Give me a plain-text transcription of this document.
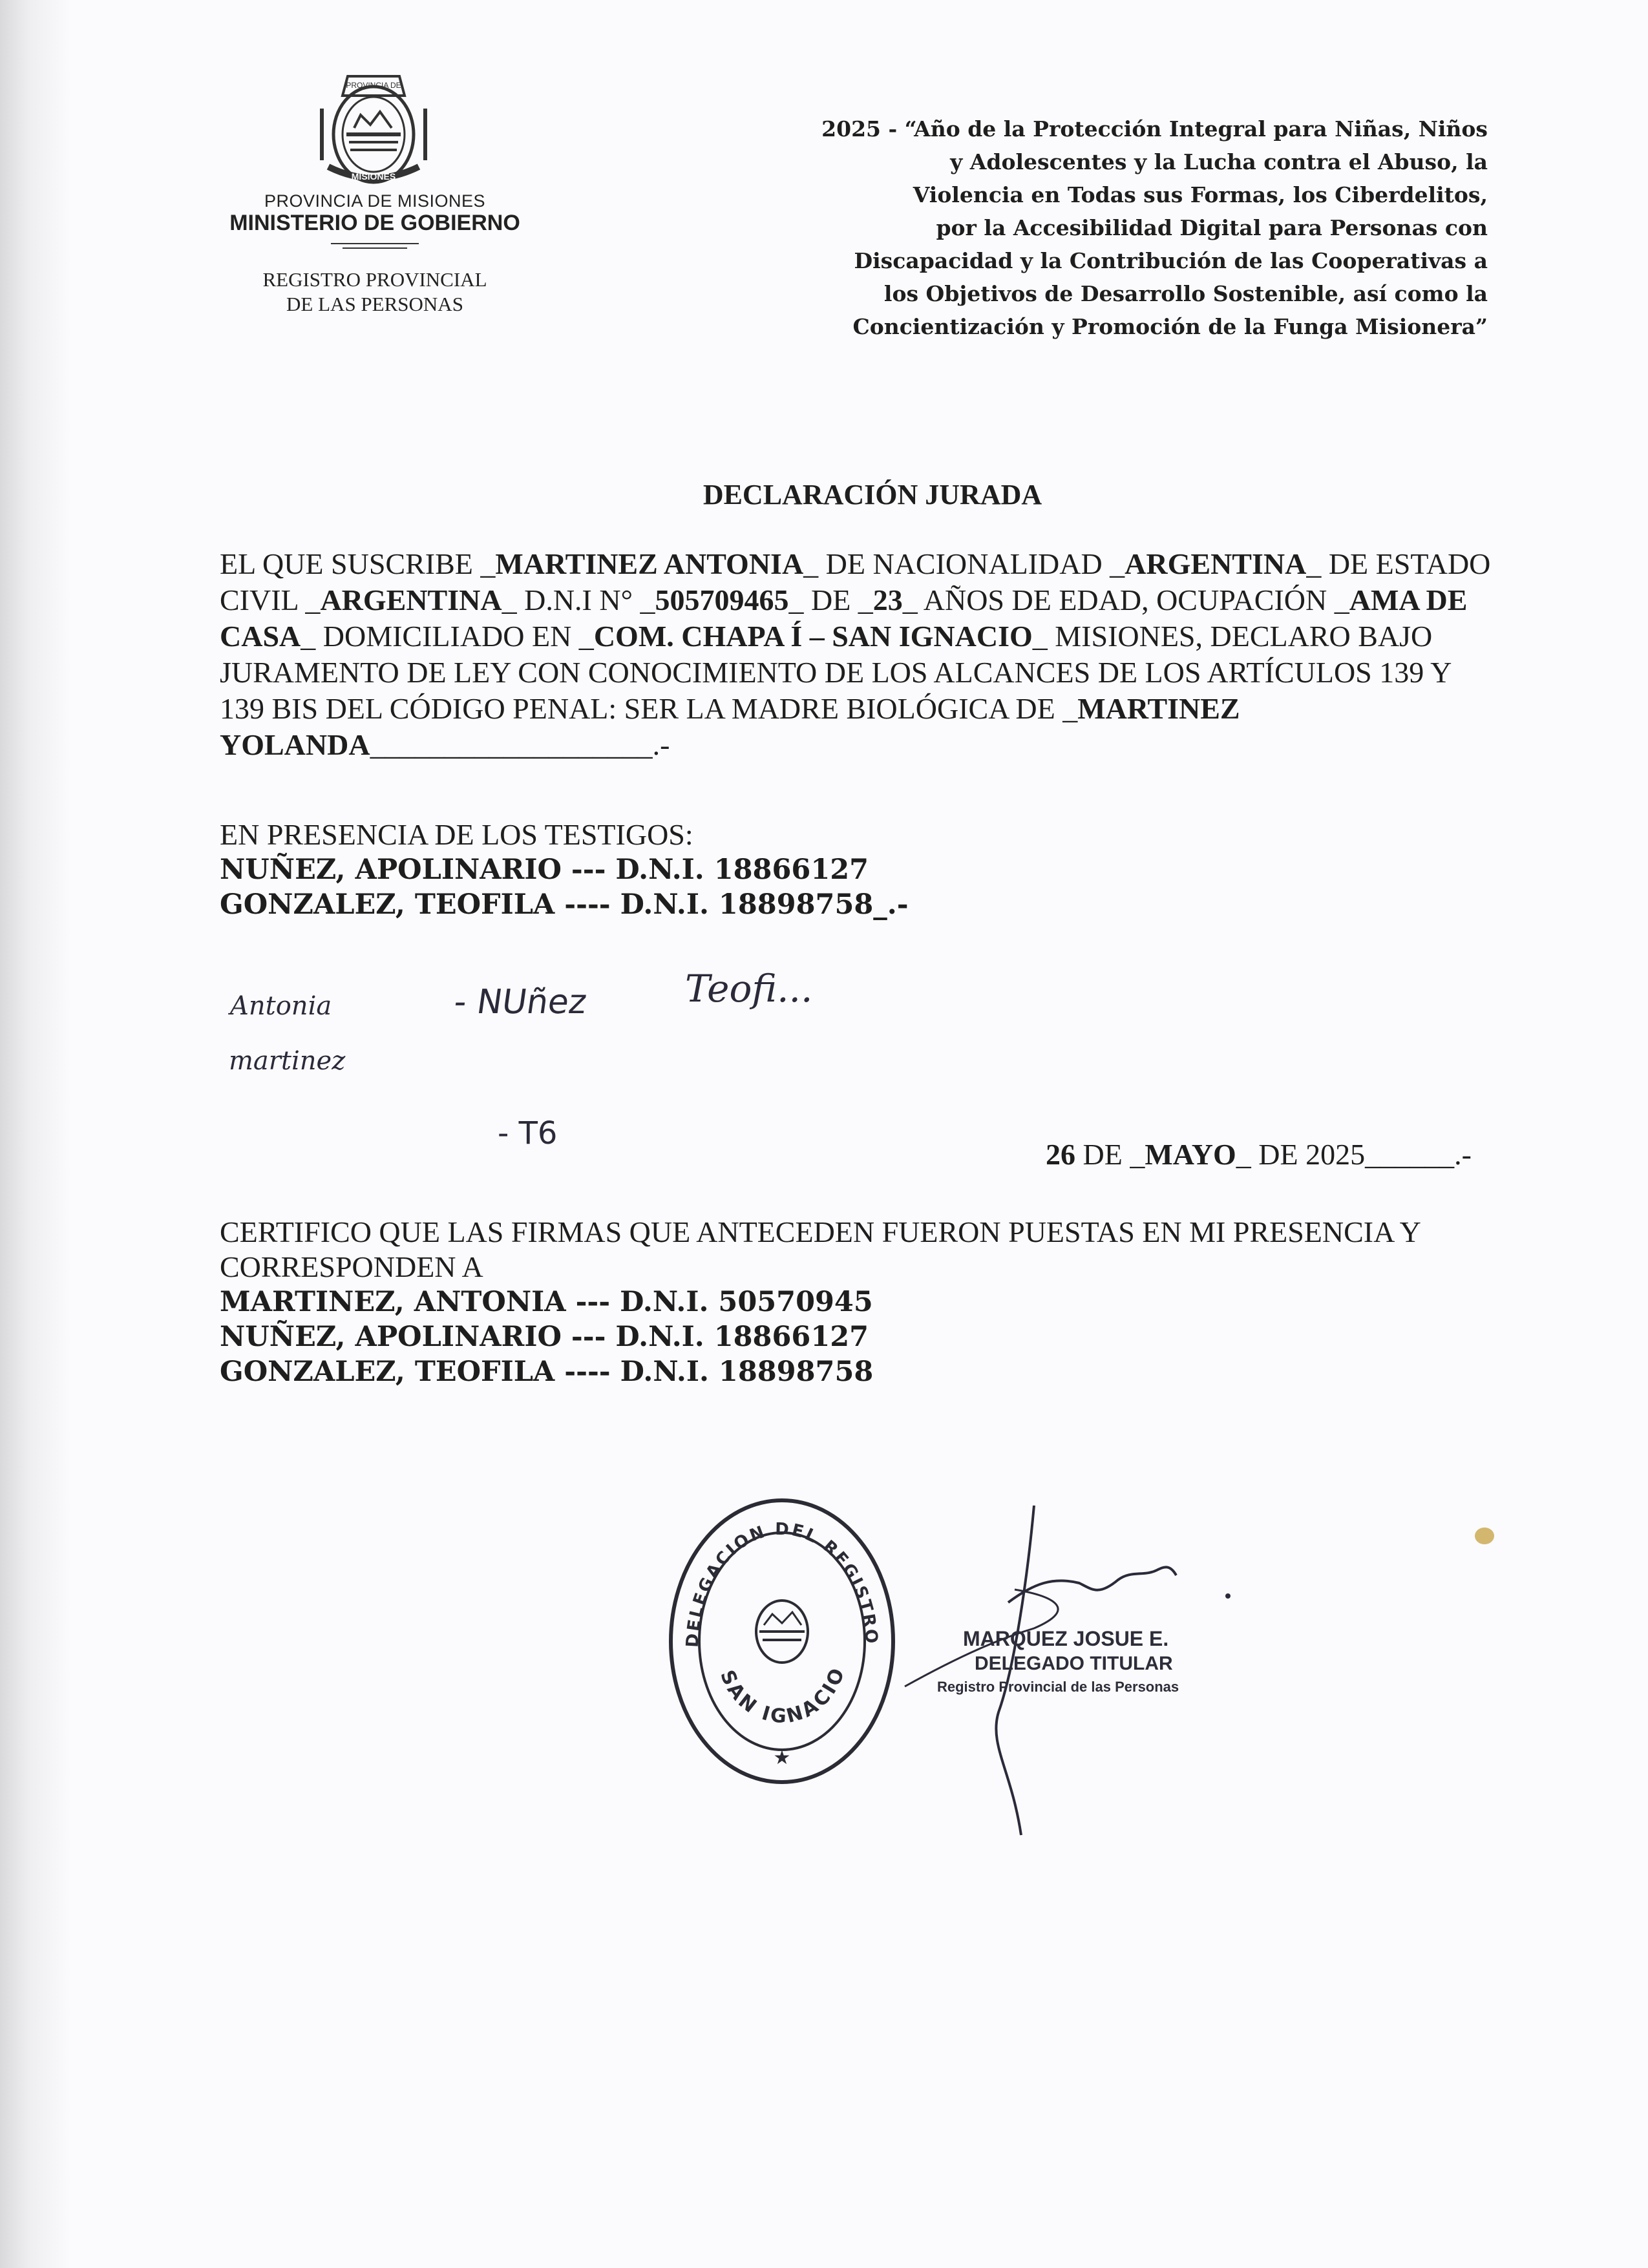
PROVINCIA DE
MISIONES
PROVINCIA DE MISIONES
MINISTERIO DE GOBIERNO
REGISTRO PROVINCIAL
DE LAS PERSONAS
2025 - “Año de la Protección Integral para Niñas, Niños
y Adolescentes y la Lucha contra el Abuso, la
Violencia en Todas sus Formas, los Ciberdelitos,
por la Accesibilidad Digital para Personas con
Discapacidad y la Contribución de las Cooperativas a
los Objetivos de Desarrollo Sostenible, así como la
Concientización y Promoción de la Funga Misionera”
DECLARACIÓN JURADA
EL QUE SUSCRIBE _MARTINEZ ANTONIA_ DE NACIONALIDAD _ARGENTINA_ DE ESTADO CIVIL _ARGENTINA_ D.N.I N° _505709465_ DE _23_ AÑOS DE EDAD, OCUPACIÓN _AMA DE CASA_ DOMICILIADO EN _COM. CHAPA Í – SAN IGNACIO_ MISIONES, DECLARO BAJO JURAMENTO DE LEY CON CONOCIMIENTO DE LOS ALCANCES DE LOS ARTÍCULOS 139 Y 139 BIS DEL CÓDIGO PENAL: SER LA MADRE BIOLÓGICA DE _MARTINEZ YOLANDA___________________.-
EN PRESENCIA DE LOS TESTIGOS:
NUÑEZ, APOLINARIO --- D.N.I. 18866127
GONZALEZ, TEOFILA ---- D.N.I. 18898758_.-
Antonia
martinez
- NUñez	Teofi...
- T6
26 DE _MAYO_ DE 2025______.-
CERTIFICO QUE LAS FIRMAS QUE ANTECEDEN FUERON PUESTAS EN MI PRESENCIA Y CORRESPONDEN A
MARTINEZ, ANTONIA --- D.N.I. 50570945
NUÑEZ, APOLINARIO --- D.N.I. 18866127
GONZALEZ, TEOFILA ---- D.N.I. 18898758
DELEGACION DEL REGISTRO PROVINCIAL DE LAS PERSONAS
SAN IGNACIO
★
MARQUEZ JOSUE E.
DELEGADO TITULAR
Registro Provincial de las Personas
